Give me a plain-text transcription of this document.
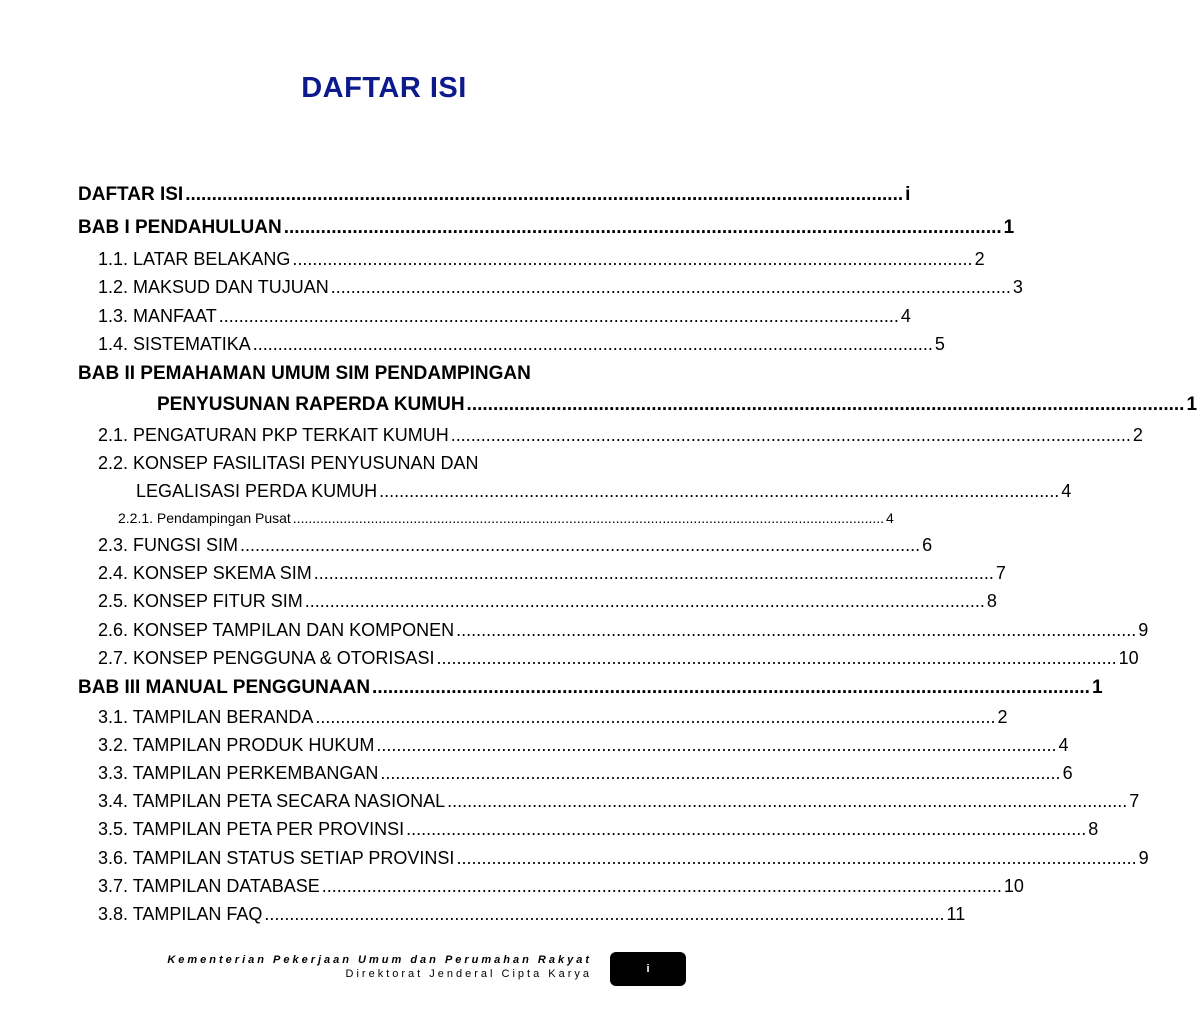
DAFTAR ISI
DAFTAR ISI ........................................................................................................................................ i
BAB I PENDAHULUAN ........................................................................................................................................ 1
1.1. LATAR BELAKANG ........................................................................................................................................ 2
1.2. MAKSUD DAN TUJUAN ........................................................................................................................................ 3
1.3. MANFAAT ........................................................................................................................................ 4
1.4. SISTEMATIKA ........................................................................................................................................ 5
BAB II PEMAHAMAN UMUM SIM PENDAMPINGAN
PENYUSUNAN RAPERDA KUMUH ........................................................................................................................................ 1
2.1. PENGATURAN PKP TERKAIT KUMUH ........................................................................................................................................ 2
2.2. KONSEP FASILITASI PENYUSUNAN DAN
LEGALISASI PERDA KUMUH ........................................................................................................................................ 4
2.2.1. Pendampingan Pusat ........................................................................................................................................................ 4
2.3. FUNGSI SIM ........................................................................................................................................ 6
2.4. KONSEP SKEMA SIM ........................................................................................................................................ 7
2.5. KONSEP FITUR SIM ........................................................................................................................................ 8
2.6. KONSEP TAMPILAN DAN KOMPONEN ........................................................................................................................................ 9
2.7. KONSEP PENGGUNA & OTORISASI ........................................................................................................................................ 10
BAB III MANUAL PENGGUNAAN ........................................................................................................................................ 1
3.1. TAMPILAN BERANDA ........................................................................................................................................ 2
3.2. TAMPILAN PRODUK HUKUM ........................................................................................................................................ 4
3.3. TAMPILAN PERKEMBANGAN ........................................................................................................................................ 6
3.4. TAMPILAN PETA SECARA NASIONAL ........................................................................................................................................ 7
3.5. TAMPILAN PETA PER PROVINSI ........................................................................................................................................ 8
3.6. TAMPILAN STATUS SETIAP PROVINSI ........................................................................................................................................ 9
3.7. TAMPILAN DATABASE ........................................................................................................................................ 10
3.8. TAMPILAN FAQ ........................................................................................................................................ 11
Kementerian Pekerjaan Umum dan Perumahan Rakyat
Direktorat Jenderal Cipta Karya	i
